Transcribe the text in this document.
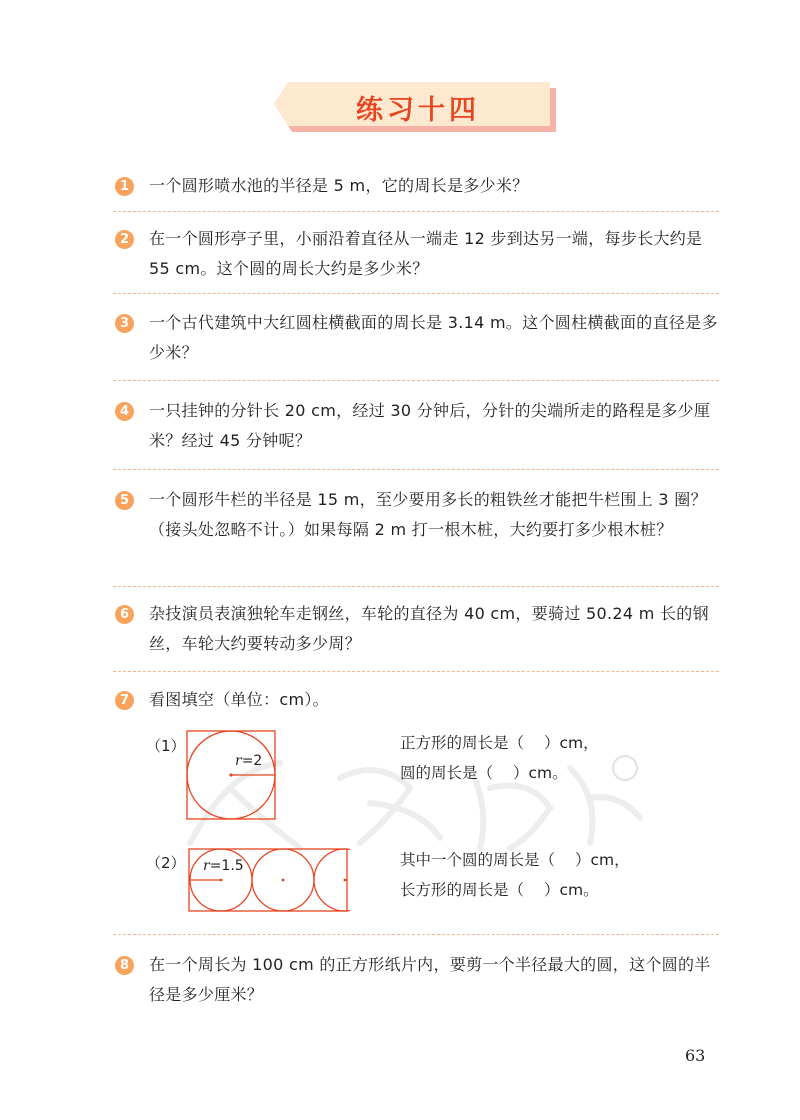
练习十四
1	一个圆形喷水池的半径是 5 m，它的周长是多少米？
2	在一个圆形亭子里，小丽沿着直径从一端走 12 步到达另一端，每步长大约是 55 cm。这个圆的周长大约是多少米？
3	一个古代建筑中大红圆柱横截面的周长是 3.14 m。这个圆柱横截面的直径是多少米？
4	一只挂钟的分针长 20 cm，经过 30 分钟后，分针的尖端所走的路程是多少厘米？经过 45 分钟呢？
5	一个圆形牛栏的半径是 15 m，至少要用多长的粗铁丝才能把牛栏围上 3 圈？（接头处忽略不计。）如果每隔 2 m 打一根木桩，大约要打多少根木桩？
6	杂技演员表演独轮车走钢丝，车轮的直径为 40 cm，要骑过 50.24 m 长的钢丝，车轮大约要转动多少周？
7	看图填空（单位：cm）。
（1）
r=2
正方形的周长是（ ）cm，
圆的周长是（ ）cm。
（2） r=1.5	其中一个圆的周长是（ ）cm，
长方形的周长是（ ）cm。
8	在一个周长为 100 cm 的正方形纸片内，要剪一个半径最大的圆，这个圆的半径是多少厘米？
63
